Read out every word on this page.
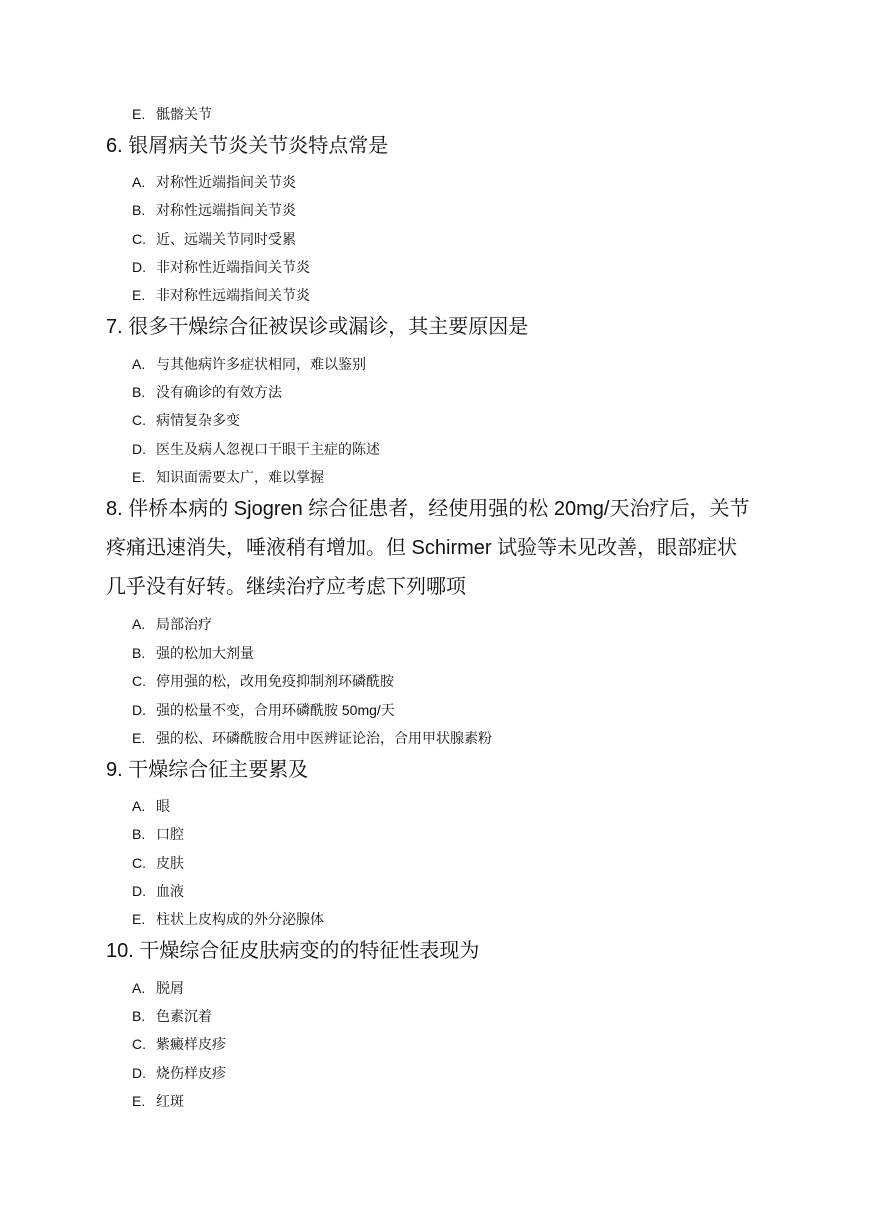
E. 骶髂关节
6. 银屑病关节炎关节炎特点常是
A. 对称性近端指间关节炎
B. 对称性远端指间关节炎
C. 近、远端关节同时受累
D. 非对称性近端指间关节炎
E. 非对称性远端指间关节炎
7. 很多干燥综合征被误诊或漏诊，其主要原因是
A. 与其他病许多症状相同，难以鉴别
B. 没有确诊的有效方法
C. 病情复杂多变
D. 医生及病人忽视口干眼干主症的陈述
E. 知识面需要太广，难以掌握
8. 伴桥本病的 Sjogren 综合征患者，经使用强的松 20mg/天治疗后，关节
疼痛迅速消失，唾液稍有增加。但 Schirmer 试验等未见改善，眼部症状
几乎没有好转。继续治疗应考虑下列哪项
A. 局部治疗
B. 强的松加大剂量
C. 停用强的松，改用免疫抑制剂环磷酰胺
D. 强的松量不变，合用环磷酰胺 50mg/天
E. 强的松、环磷酰胺合用中医辨证论治，合用甲状腺素粉
9. 干燥综合征主要累及
A. 眼
B. 口腔
C. 皮肤
D. 血液
E. 柱状上皮构成的外分泌腺体
10. 干燥综合征皮肤病变的的特征性表现为
A. 脱屑
B. 色素沉着
C. 紫癜样皮疹
D. 烧伤样皮疹
E. 红斑
